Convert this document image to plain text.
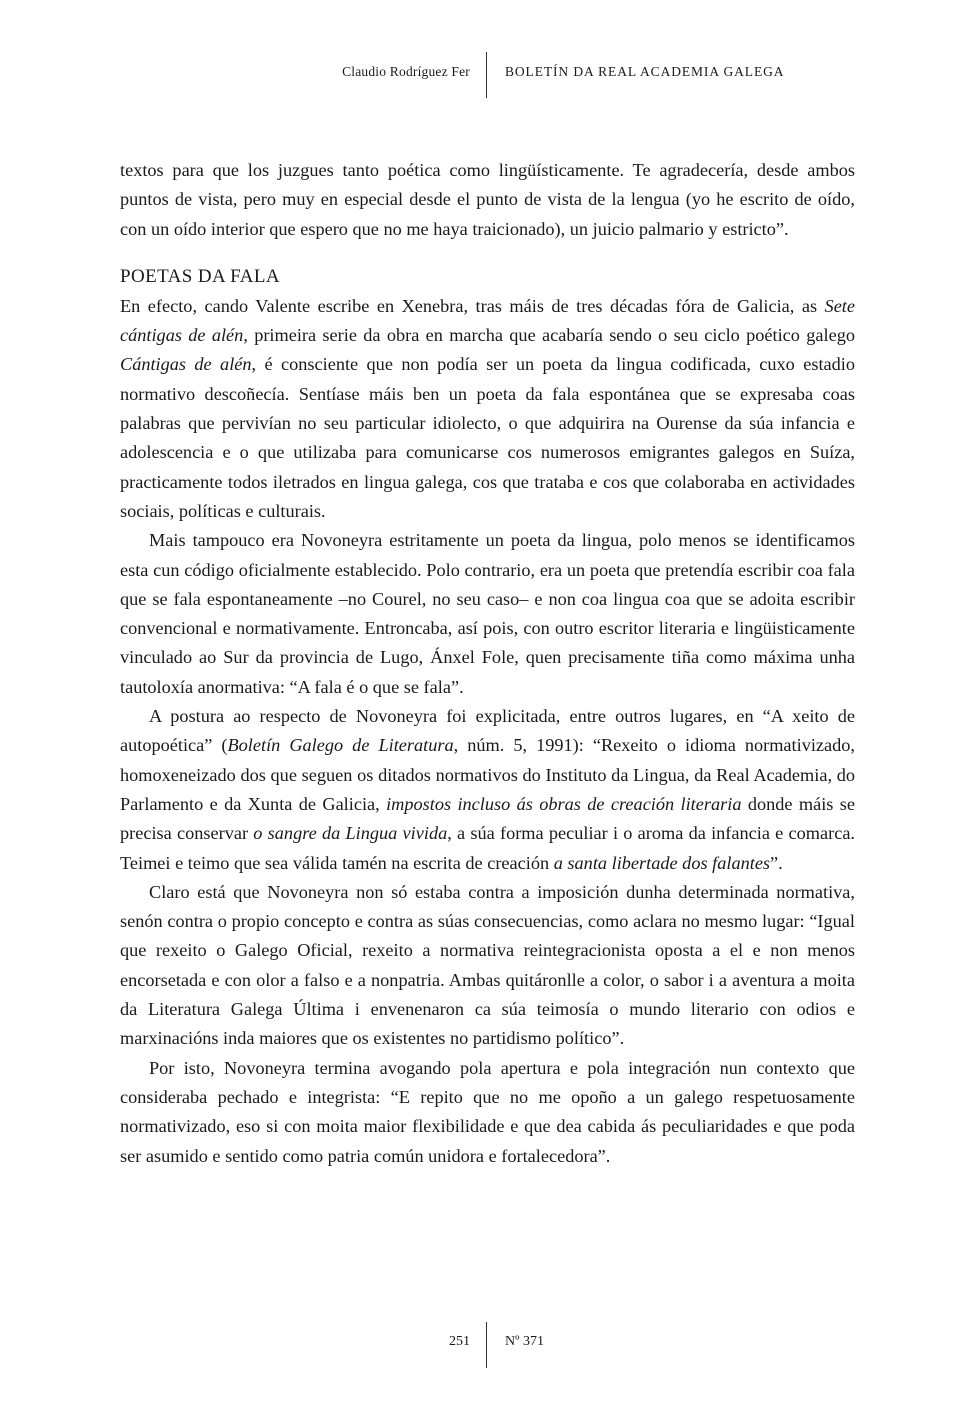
Claudio Rodríguez Fer	BOLETÍN DA REAL ACADEMIA GALEGA

textos para que los juzgues tanto poética como lingüísticamente. Te agradecería, desde ambos puntos de vista, pero muy en especial desde el punto de vista de la lengua (yo he escrito de oído, con un oído interior que espero que no me haya traicionado), un juicio palmario y estricto”.

POETAS DA FALA

En efecto, cando Valente escribe en Xenebra, tras máis de tres décadas fóra de Galicia, as Sete cántigas de alén, primeira serie da obra en marcha que acabaría sendo o seu ciclo poético galego Cántigas de alén, é consciente que non podía ser un poeta da lingua codificada, cuxo estadio normativo descoñecía. Sentíase máis ben un poeta da fala espontánea que se expresaba coas palabras que pervivían no seu particular idiolecto, o que adquirira na Ourense da súa infancia e adolescencia e o que utilizaba para comunicarse cos numerosos emigrantes galegos en Suíza, practicamente todos iletrados en lingua galega, cos que trataba e cos que colaboraba en actividades sociais, políticas e culturais.

Mais tampouco era Novoneyra estritamente un poeta da lingua, polo menos se identificamos esta cun código oficialmente establecido. Polo contrario, era un poeta que pretendía escribir coa fala que se fala espontaneamente –no Courel, no seu caso– e non coa lingua coa que se adoita escribir convencional e normativamente. Entroncaba, así pois, con outro escritor literaria e lingüisticamente vinculado ao Sur da provincia de Lugo, Ánxel Fole, quen precisamente tiña como máxima unha tautoloxía anormativa: “A fala é o que se fala”.

A postura ao respecto de Novoneyra foi explicitada, entre outros lugares, en “A xeito de autopoética” (Boletín Galego de Literatura, núm. 5, 1991): “Rexeito o idioma normativizado, homoxeneizado dos que seguen os ditados normativos do Instituto da Lingua, da Real Academia, do Parlamento e da Xunta de Galicia, impostos incluso ás obras de creación literaria donde máis se precisa conservar o sangre da Lingua vivida, a súa forma peculiar i o aroma da infancia e comarca. Teimei e teimo que sea válida tamén na escrita de creación a santa libertade dos falantes”.

Claro está que Novoneyra non só estaba contra a imposición dunha determinada normativa, senón contra o propio concepto e contra as súas consecuencias, como aclara no mesmo lugar: “Igual que rexeito o Galego Oficial, rexeito a normativa reintegracionista oposta a el e non menos encorsetada e con olor a falso e a nonpatria. Ambas quitáronlle a color, o sabor i a aventura a moita da Literatura Galega Última i envenenaron ca súa teimosía o mundo literario con odios e marxinacións inda maiores que os existentes no partidismo político”.

Por isto, Novoneyra termina avogando pola apertura e pola integración nun contexto que consideraba pechado e integrista: “E repito que no me opoño a un galego respetuosamente normativizado, eso si con moita maior flexibilidade e que dea cabida ás peculiaridades e que poda ser asumido e sentido como patria común unidora e fortalecedora”.

251	Nº 371
